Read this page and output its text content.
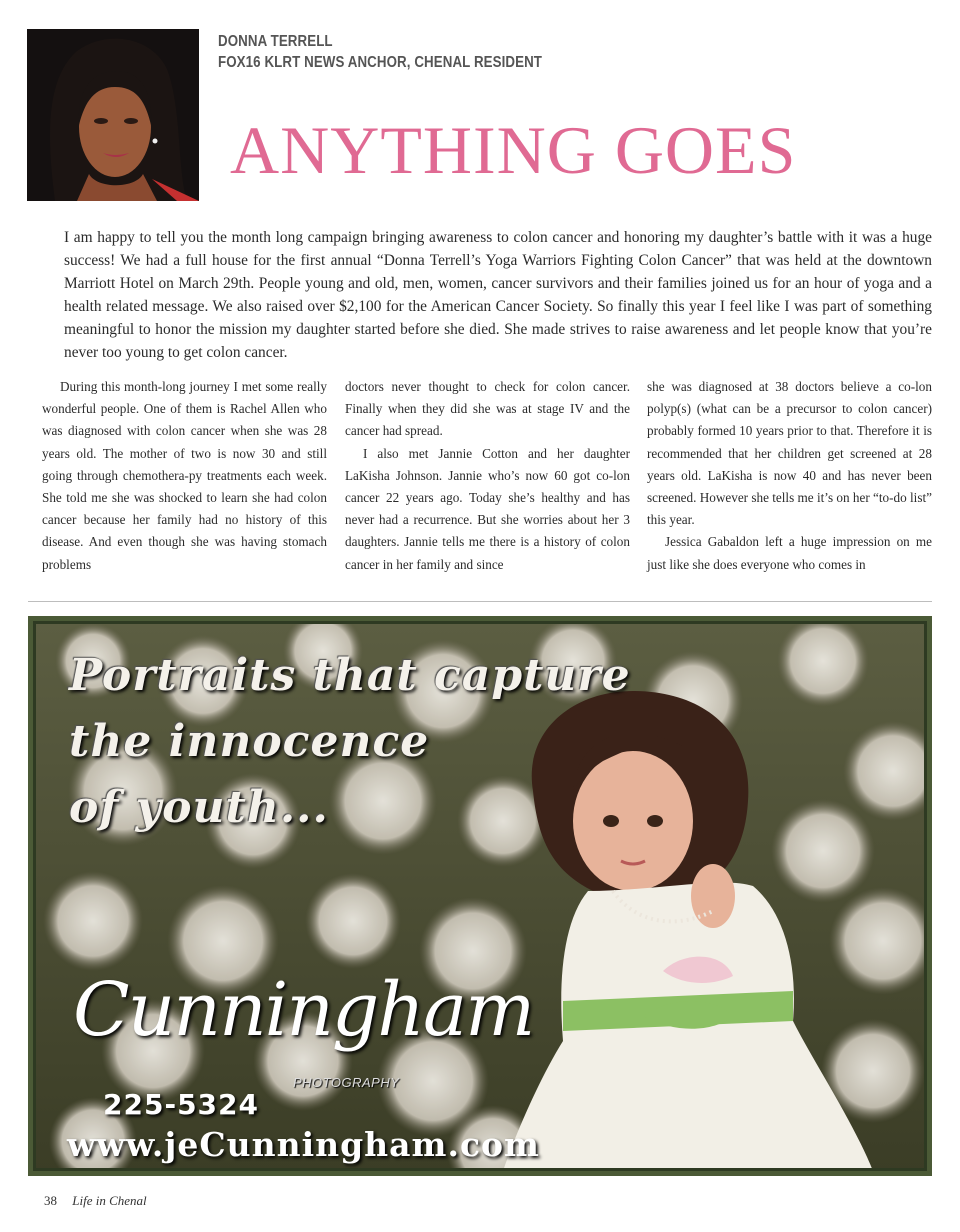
DONNA TERRELL
FOX16 KLRT NEWS ANCHOR, CHENAL RESIDENT
ANYTHING GOES

I am happy to tell you the month long campaign bringing awareness to colon cancer and honoring my daughter’s battle with it was a huge success! We had a full house for the first annual “Donna Terrell’s Yoga Warriors Fighting Colon Cancer” that was held at the downtown Marriott Hotel on March 29th. People young and old, men, women, cancer survivors and their families joined us for an hour of yoga and a health related message. We also raised over $2,100 for the American Cancer Society. So finally this year I feel like I was part of something meaningful to honor the mission my daughter started before she died. She made strives to raise awareness and let people know that you’re never too young to get colon cancer.

During this month-long journey I met some really wonderful people. One of them is Rachel Allen who was diagnosed with colon cancer when she was 28 years old. The mother of two is now 30 and still going through chemothera-py treatments each week. She told me she was shocked to learn she had colon cancer because her family had no history of this disease. And even though she was having stomach problems

doctors never thought to check for colon cancer. Finally when they did she was at stage IV and the cancer had spread.

I also met Jannie Cotton and her daughter LaKisha Johnson. Jannie who’s now 60 got co-lon cancer 22 years ago. Today she’s healthy and has never had a recurrence. But she worries about her 3 daughters. Jannie tells me there is a history of colon cancer in her family and since

she was diagnosed at 38 doctors believe a co-lon polyp(s) (what can be a precursor to colon cancer) probably formed 10 years prior to that. Therefore it is recommended that her children get screened at 28 years old. LaKisha is now 40 and has never been screened. However she tells me it’s on her “to-do list” this year.

Jessica Gabaldon left a huge impression on me just like she does everyone who comes in

Portraits that capture
the innocence
of youth...
Cunningham
PHOTOGRAPHY
225-5324
www.jeCunningham.com
38 Life in Chenal
